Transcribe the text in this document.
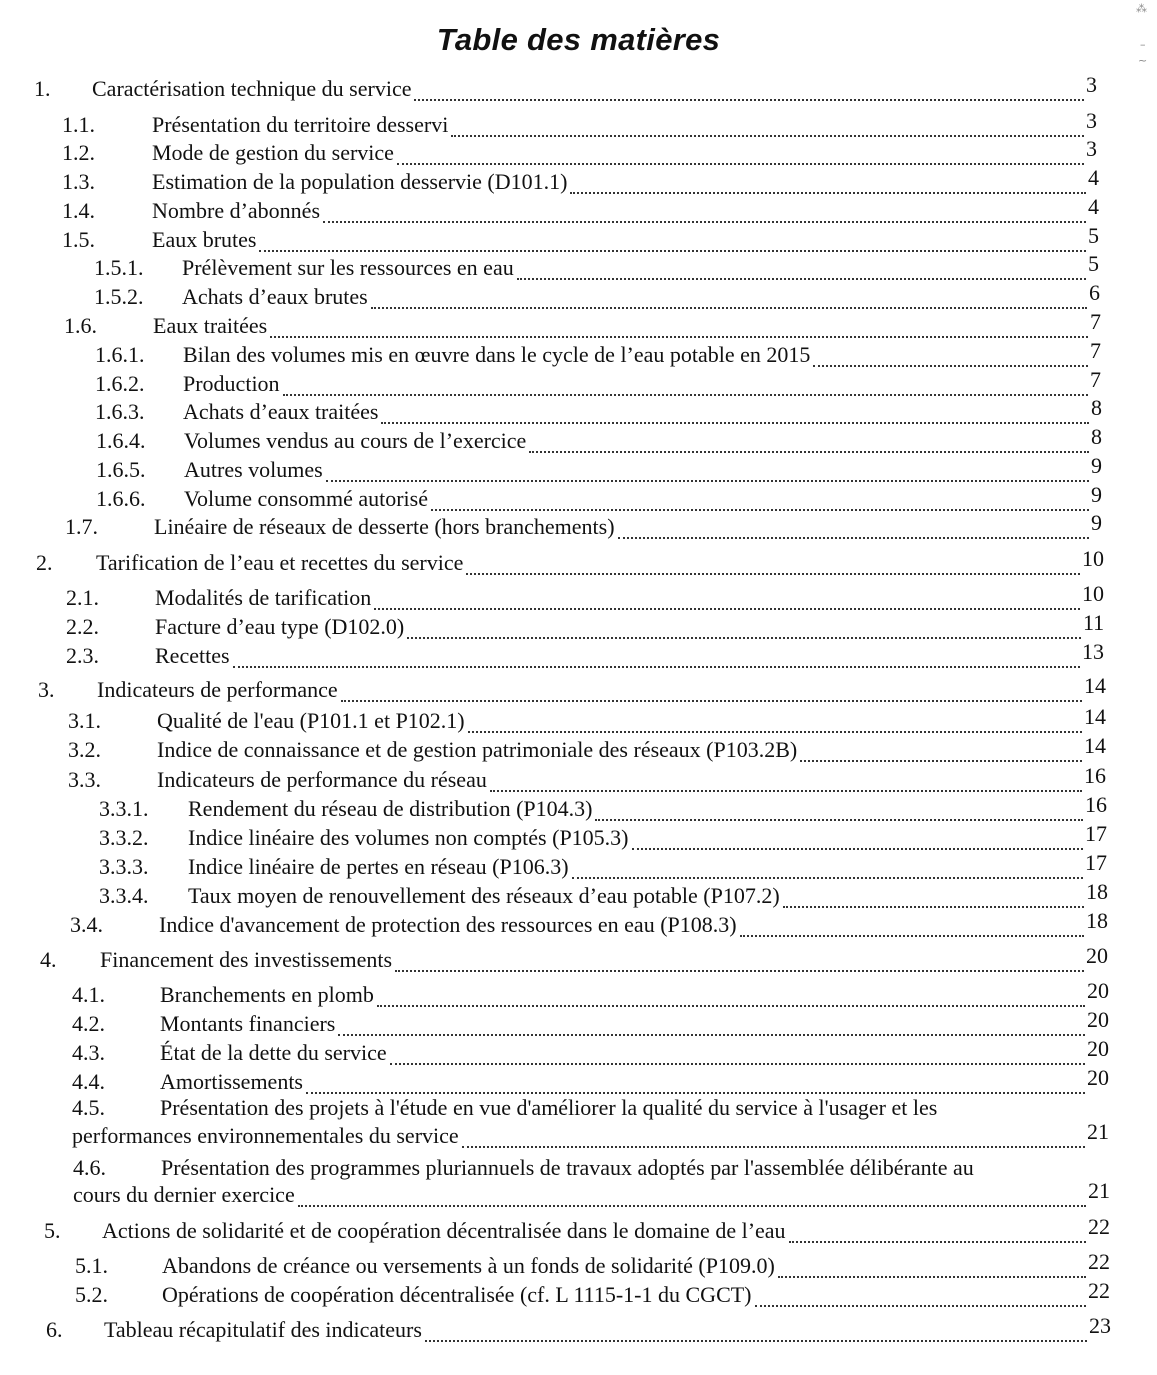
Table des matières
1. Caractérisation technique du service	3
1.1.	Présentation du territoire desservi	3
1.2.	Mode de gestion du service	3
1.3.	Estimation de la population desservie (D101.1)	4
1.4.	Nombre d’abonnés	4
1.5.	Eaux brutes	5
1.5.1. Prélèvement sur les ressources en eau	5
1.5.2. Achats d’eaux brutes	6
1.6.	Eaux traitées	7
1.6.1. Bilan des volumes mis en œuvre dans le cycle de l’eau potable en 2015	7
1.6.2. Production	7
1.6.3. Achats d’eaux traitées	8
1.6.4. Volumes vendus au cours de l’exercice	8
1.6.5. Autres volumes	9
1.6.6. Volume consommé autorisé	9
1.7.	Linéaire de réseaux de desserte (hors branchements)	9
2. Tarification de l’eau et recettes du service	10
2.1.	Modalités de tarification	10
2.2.	Facture d’eau type (D102.0)	11
2.3.	Recettes	13
3. Indicateurs de performance	14
3.1.	Qualité de l'eau (P101.1 et P102.1)	14
3.2.	Indice de connaissance et de gestion patrimoniale des réseaux (P103.2B)	14
3.3.	Indicateurs de performance du réseau	16
3.3.1. Rendement du réseau de distribution (P104.3)	16
3.3.2. Indice linéaire des volumes non comptés (P105.3)	17
3.3.3. Indice linéaire de pertes en réseau (P106.3)	17
3.3.4. Taux moyen de renouvellement des réseaux d’eau potable (P107.2)	18
3.4.	Indice d'avancement de protection des ressources en eau (P108.3)	18
4. Financement des investissements	20
4.1.	Branchements en plomb	20
4.2.	Montants financiers	20
4.3.	État de la dette du service	20
4.4.	Amortissements	20
4.5.	Présentation des projets à l'étude en vue d'améliorer la qualité du service à l'usager et les
performances environnementales du service	21
4.6.	Présentation des programmes pluriannuels de travaux adoptés par l'assemblée délibérante au
cours du dernier exercice	21
5. Actions de solidarité et de coopération décentralisée dans le domaine de l’eau	22
5.1. Abandons de créance ou versements à un fonds de solidarité (P109.0)	22
5.2. Opérations de coopération décentralisée (cf. L 1115-1-1 du CGCT)	22
6. Tableau récapitulatif des indicateurs	23
⁂
–
~
